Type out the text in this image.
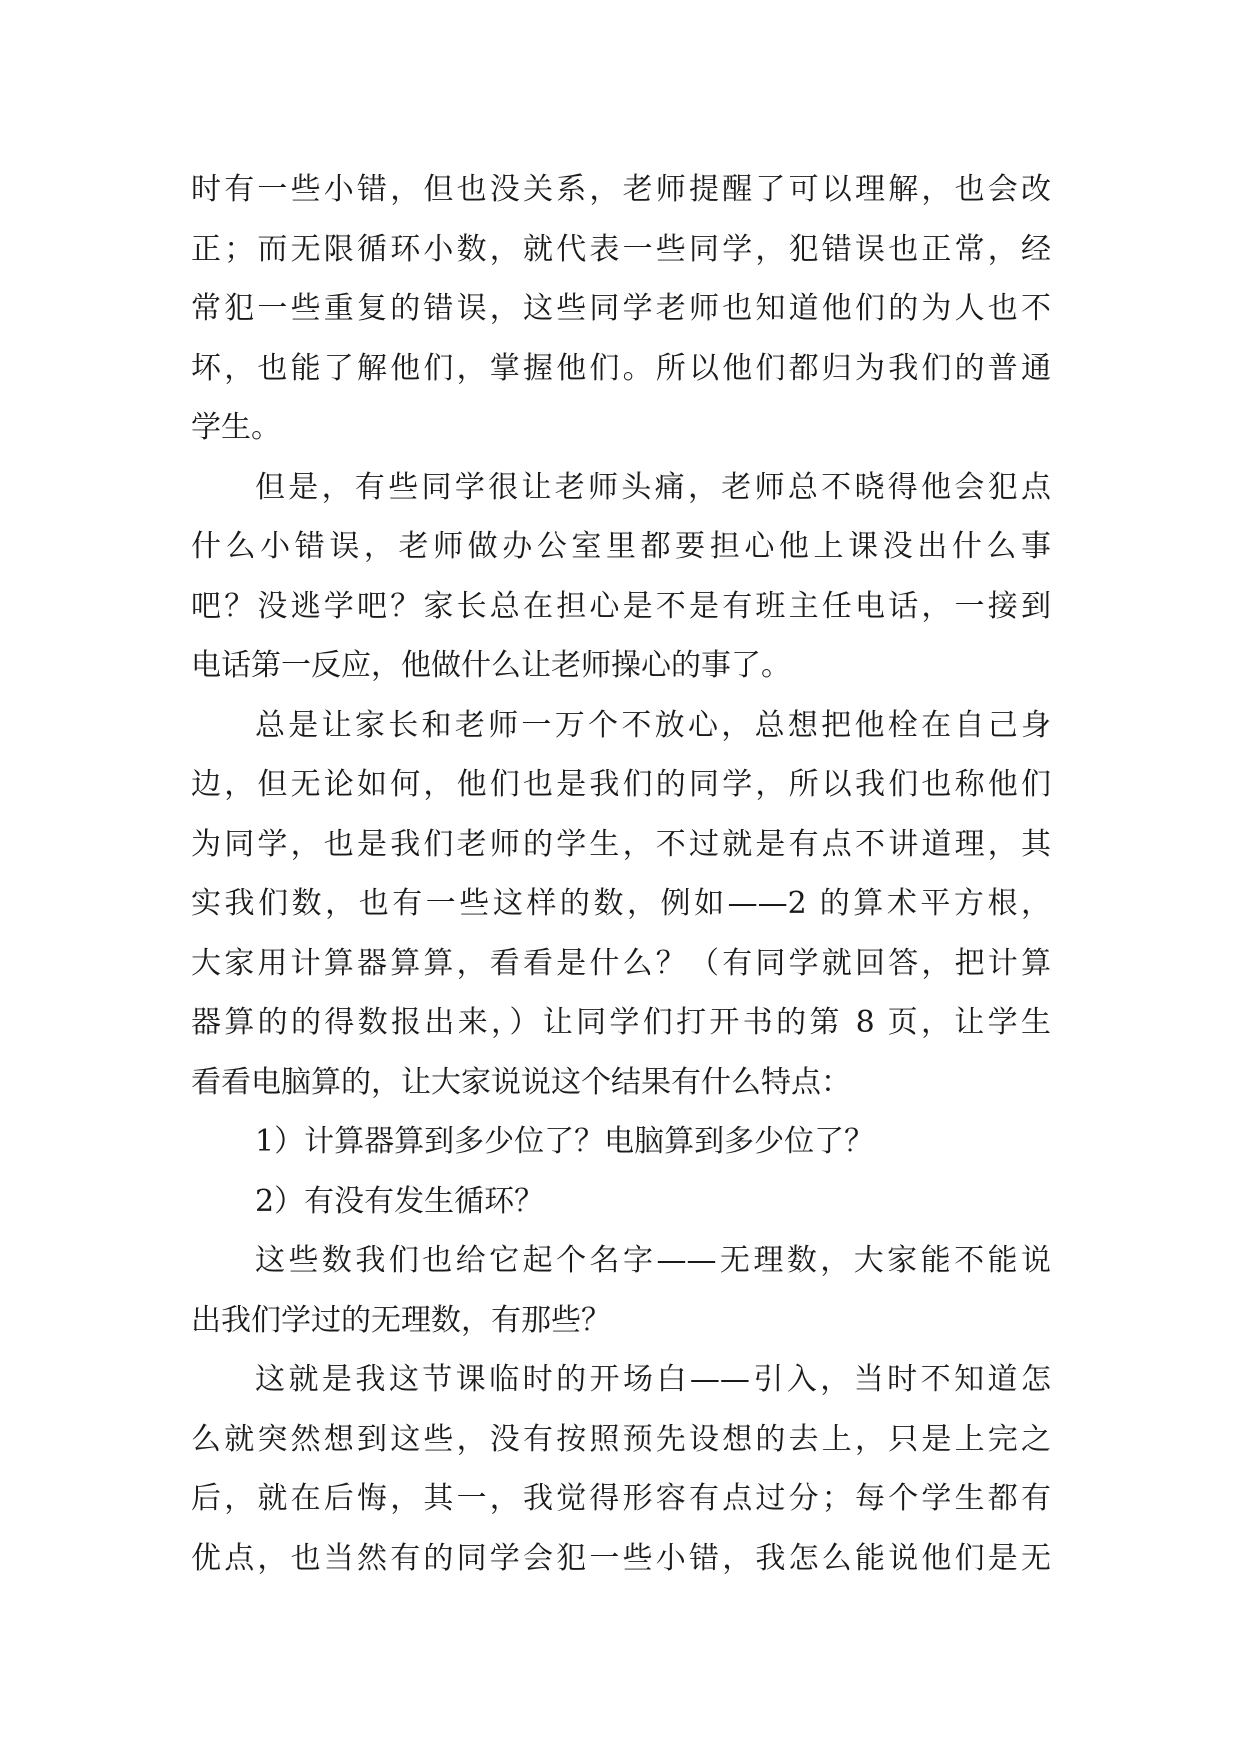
时有一些小错，但也没关系，老师提醒了可以理解，也会改
正；而无限循环小数，就代表一些同学，犯错误也正常，经
常犯一些重复的错误，这些同学老师也知道他们的为人也不
坏，也能了解他们，掌握他们。所以他们都归为我们的普通
学生。
但是，有些同学很让老师头痛，老师总不晓得他会犯点
什么小错误，老师做办公室里都要担心他上课没出什么事
吧？没逃学吧？家长总在担心是不是有班主任电话，一接到
电话第一反应，他做什么让老师操心的事了。
总是让家长和老师一万个不放心，总想把他栓在自己身
边，但无论如何，他们也是我们的同学，所以我们也称他们
为同学，也是我们老师的学生，不过就是有点不讲道理，其
实我们数，也有一些这样的数，例如——2 的算术平方根，
大家用计算器算算，看看是什么？（有同学就回答，把计算
器算的的得数报出来，）让同学们打开书的第 8 页，让学生
看看电脑算的，让大家说说这个结果有什么特点：
1）计算器算到多少位了？电脑算到多少位了？
2）有没有发生循环？
这些数我们也给它起个名字——无理数，大家能不能说
出我们学过的无理数，有那些？
这就是我这节课临时的开场白——引入，当时不知道怎
么就突然想到这些，没有按照预先设想的去上，只是上完之
后，就在后悔，其一，我觉得形容有点过分；每个学生都有
优点，也当然有的同学会犯一些小错，我怎么能说他们是无
